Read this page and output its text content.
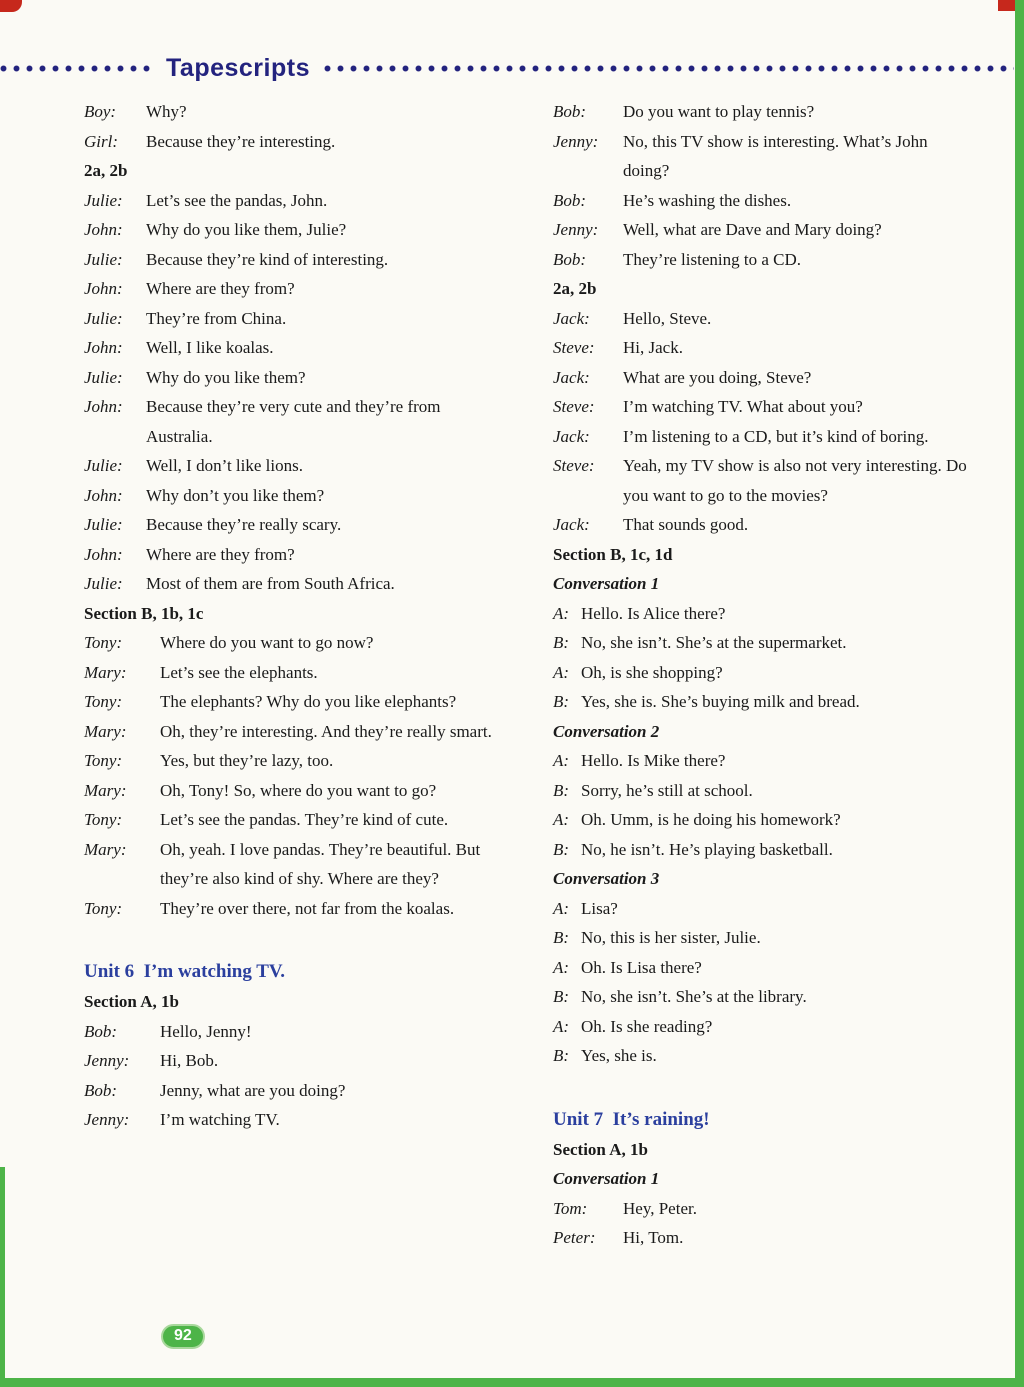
Tapescripts
Boy:	Why?
Girl:	Because they’re interesting.
2a, 2b
Julie:	Let’s see the pandas, John.
John:	Why do you like them, Julie?
Julie:	Because they’re kind of interesting.
John:	Where are they from?
Julie:	They’re from China.
John:	Well, I like koalas.
Julie:	Why do you like them?
John:	Because they’re very cute and they’re from Australia.
Julie:	Well, I don’t like lions.
John:	Why don’t you like them?
Julie:	Because they’re really scary.
John:	Where are they from?
Julie:	Most of them are from South Africa.
Section B, 1b, 1c
Tony:	Where do you want to go now?
Mary:	Let’s see the elephants.
Tony:	The elephants? Why do you like elephants?
Mary:	Oh, they’re interesting. And they’re really smart.
Tony:	Yes, but they’re lazy, too.
Mary:	Oh, Tony! So, where do you want to go?
Tony:	Let’s see the pandas. They’re kind of cute.
Mary:	Oh, yeah. I love pandas. They’re beautiful. But they’re also kind of shy. Where are they?
Tony:	They’re over there, not far from the koalas.
Unit 6  I’m watching TV.
Section A, 1b
Bob:	Hello, Jenny!
Jenny:	Hi, Bob.
Bob:	Jenny, what are you doing?
Jenny:	I’m watching TV.
Bob:	Do you want to play tennis?
Jenny:	No, this TV show is interesting. What’s John doing?
Bob:	He’s washing the dishes.
Jenny:	Well, what are Dave and Mary doing?
Bob:	They’re listening to a CD.
2a, 2b
Jack:	Hello, Steve.
Steve:	Hi, Jack.
Jack:	What are you doing, Steve?
Steve:	I’m watching TV. What about you?
Jack:	I’m listening to a CD, but it’s kind of boring.
Steve:	Yeah, my TV show is also not very interesting. Do you want to go to the movies?
Jack:	That sounds good.
Section B, 1c, 1d
Conversation 1
A: Hello. Is Alice there?
B: No, she isn’t. She’s at the supermarket.
A: Oh, is she shopping?
B: Yes, she is. She’s buying milk and bread.
Conversation 2
A: Hello. Is Mike there?
B: Sorry, he’s still at school.
A: Oh. Umm, is he doing his homework?
B: No, he isn’t. He’s playing basketball.
Conversation 3
A: Lisa?
B: No, this is her sister, Julie.
A: Oh. Is Lisa there?
B: No, she isn’t. She’s at the library.
A: Oh. Is she reading?
B: Yes, she is.
Unit 7  It’s raining!
Section A, 1b
Conversation 1
Tom:	Hey, Peter.
Peter:	Hi, Tom.
92
